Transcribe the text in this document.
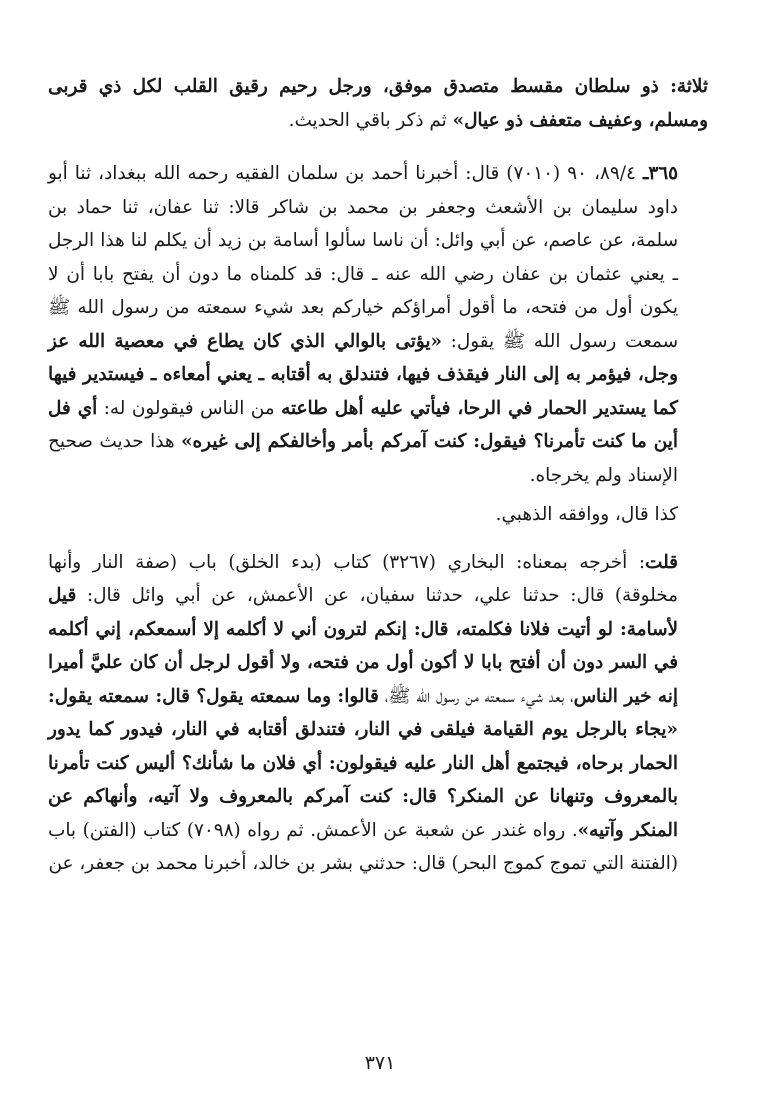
ثلاثة: ذو سلطان مقسط متصدق موفق، ورجل رحيم رقيق القلب لكل ذي قربى ومسلم، وعفيف متعفف ذو عيال» ثم ذكر باقي الحديث.

٣٦٥ـ ٨٩/٤، ٩٠ (٧٠١٠) قال: أخبرنا أحمد بن سلمان الفقيه رحمه الله ببغداد، ثنا أبو داود سليمان بن الأشعث وجعفر بن محمد بن شاكر قالا: ثنا عفان، ثنا حماد بن سلمة، عن عاصم، عن أبي وائل: أن ناسا سألوا أسامة بن زيد أن يكلم لنا هذا الرجل ـ يعني عثمان بن عفان رضي الله عنه ـ قال: قد كلمناه ما دون أن يفتح بابا أن لا يكون أول من فتحه، ما أقول أمراؤكم خياركم بعد شيء سمعته من رسول الله ﷺ سمعت رسول الله ﷺ يقول: «يؤتى بالوالي الذي كان يطاع في معصية الله عز وجل، فيؤمر به إلى النار فيقذف فيها، فتندلق به أقتابه ـ يعني أمعاءه ـ فيستدير فيها كما يستدير الحمار في الرحا، فيأتي عليه أهل طاعته من الناس فيقولون له: أي فل أين ما كنت تأمرنا؟ فيقول: كنت آمركم بأمر وأخالفكم إلى غيره» هذا حديث صحيح الإسناد ولم يخرجاه.

كذا قال، ووافقه الذهبي.

قلت: أخرجه بمعناه: البخاري (٣٢٦٧) كتاب (بدء الخلق) باب (صفة النار وأنها مخلوقة) قال: حدثنا علي، حدثنا سفيان، عن الأعمش، عن أبي وائل قال: قيل لأسامة: لو أتيت فلانا فكلمته، قال: إنكم لترون أني لا أكلمه إلا أسمعكم، إني أكلمه في السر دون أن أفتح بابا لا أكون أول من فتحه، ولا أقول لرجل أن كان عليَّ أميرا إنه خير الناس، بعد شيء سمعته من رسول الله ﷺ، قالوا: وما سمعته يقول؟ قال: سمعته يقول: «يجاء بالرجل يوم القيامة فيلقى في النار، فتندلق أقتابه في النار، فيدور كما يدور الحمار برحاه، فيجتمع أهل النار عليه فيقولون: أي فلان ما شأنك؟ أليس كنت تأمرنا بالمعروف وتنهانا عن المنكر؟ قال: كنت آمركم بالمعروف ولا آتيه، وأنهاكم عن المنكر وآتيه». رواه غندر عن شعبة عن الأعمش. ثم رواه (٧٠٩٨) كتاب (الفتن) باب (الفتنة التي تموج كموج البحر) قال: حدثني بشر بن خالد، أخبرنا محمد بن جعفر، عن

٣٧١
